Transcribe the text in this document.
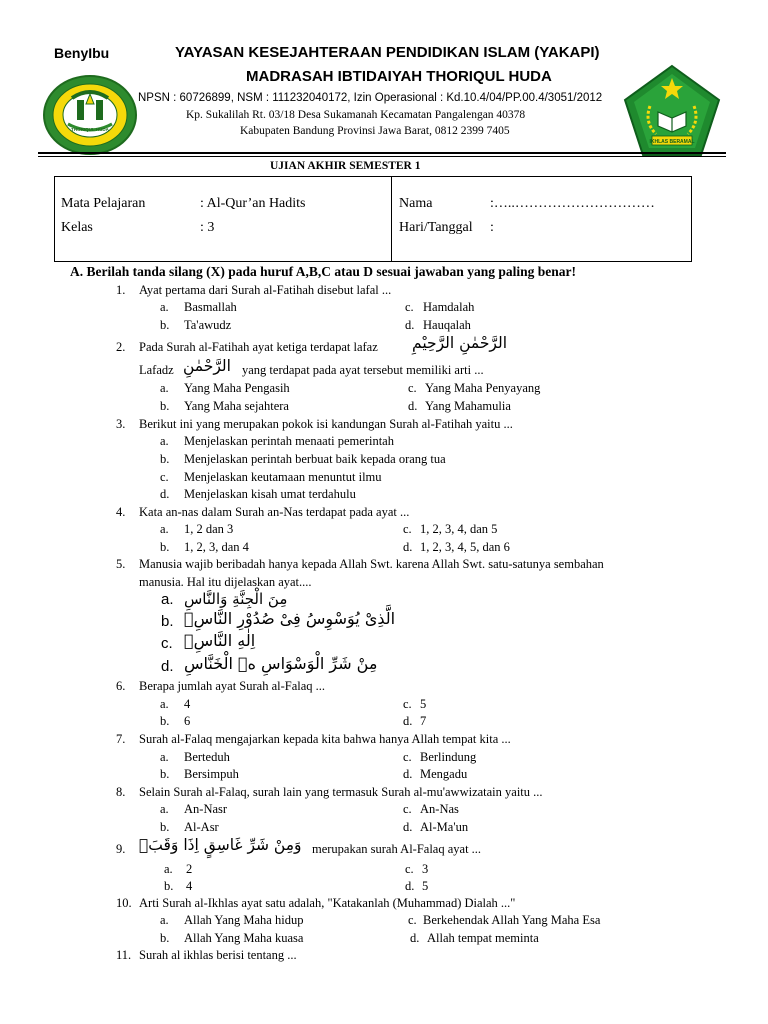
BenyIbu	YAYASAN KESEJAHTERAAN PENDIDIKAN ISLAM (YAKAPI)
MADRASAH IBTIDAIYAH THORIQUL HUDA
NPSN : 60726899, NSM : 111232040172, Izin Operasional : Kd.10.4/04/PP.00.4/3051/2012
Kp. Sukalilah Rt. 03/18 Desa Sukamanah Kecamatan Pangalengan 40378
Kabupaten Bandung Provinsi Jawa Barat, 0812 2399 7405
THORIQUL HUDA
IKHLAS BERAMAL
UJIAN AKHIR SEMESTER 1
Mata Pelajaran	: Al-Qur’an Hadits
Kelas	: 3
Nama	:…..…………………………
Hari/Tanggal :
A. Berilah tanda silang (X) pada huruf A,B,C atau D sesuai jawaban yang paling benar!
1. Ayat pertama dari Surah al-Fatihah disebut lafal ...
a. Basmallah
b. Ta'awudz
c. Hamdalah
d. Hauqalah
2. Pada Surah al-Fatihah ayat ketiga terdapat lafaz الرَّحْمٰنِ الرَّحِيْمِ
Lafadz الرَّحْمٰنِ yang terdapat pada ayat tersebut memiliki arti ...
a. Yang Maha Pengasih
b. Yang Maha sejahtera
c. Yang Maha Penyayang
d. Yang Mahamulia
3. Berikut ini yang merupakan pokok isi kandungan Surah al-Fatihah yaitu ...
a. Menjelaskan perintah menaati pemerintah
b. Menjelaskan perintah berbuat baik kepada orang tua
c. Menjelaskan keutamaan menuntut ilmu
d. Menjelaskan kisah umat terdahulu
4. Kata an-nas dalam Surah an-Nas terdapat pada ayat ...
a. 1, 2 dan 3
b. 1, 2, 3, dan 4
c. 1, 2, 3, 4, dan 5
d. 1, 2, 3, 4, 5, dan 6
5. Manusia wajib beribadah hanya kepada Allah Swt. karena Allah Swt. satu-satunya sembahan
manusia. Hal itu dijelaskan ayat....
a. مِنَ الْجِنَّةِ وَالنَّاسِ
b. الَّذِىْ يُوَسْوِسُ فِىْ صُدُوْرِ النَّاسِۙ
c. اِلٰهِ النَّاسِۙ
d. مِنْ شَرِّ الْوَسْوَاسِ ەۙ الْخَنَّاسِ
6. Berapa jumlah ayat Surah al-Falaq ...
a. 4
b. 6
c. 5
d. 7
7. Surah al-Falaq mengajarkan kepada kita bahwa hanya Allah tempat kita ...
a. Berteduh
b. Bersimpuh
c. Berlindung
d. Mengadu
8. Selain Surah al-Falaq, surah lain yang termasuk Surah al-mu'awwizatain yaitu ...
a. An-Nasr
b. Al-Asr
c. An-Nas
d. Al-Ma'un
9. وَمِنْ شَرِّ غَاسِقٍ اِذَا وَقَبَۙ merupakan surah Al-Falaq ayat ...
a. 2
b. 4
c. 3
d. 5
10. Arti Surah al-Ikhlas ayat satu adalah, "Katakanlah (Muhammad) Dialah ..."
a. Allah Yang Maha hidup
b. Allah Yang Maha kuasa
c. Berkehendak Allah Yang Maha Esa
d. Allah tempat meminta
11. Surah al ikhlas berisi tentang ...
